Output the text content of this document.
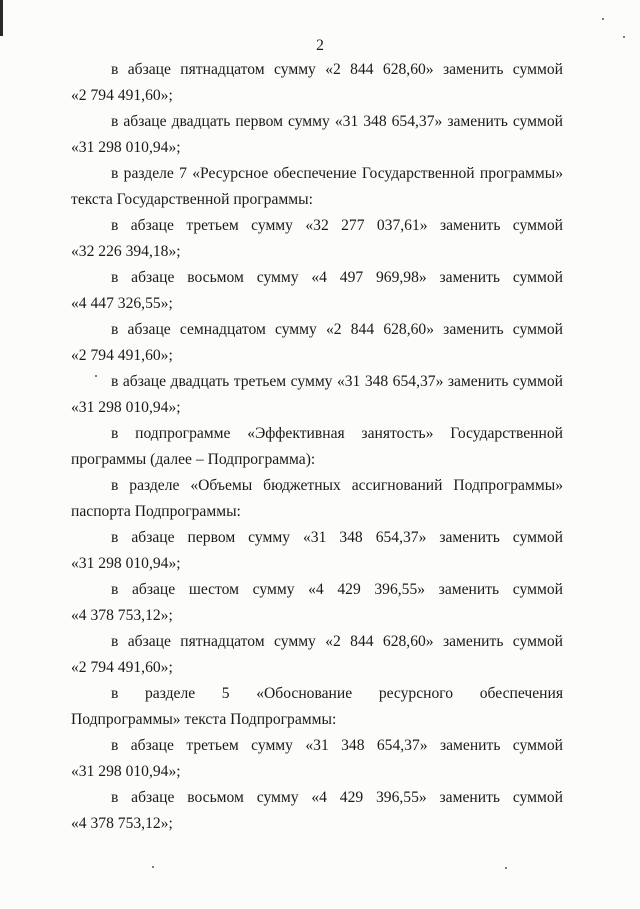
2
в абзаце пятнадцатом сумму «2 844 628,60» заменить суммой
«2 794 491,60»;
в абзаце двадцать первом сумму «31 348 654,37» заменить суммой
«31 298 010,94»;
в разделе 7 «Ресурсное обеспечение Государственной программы»
текста Государственной программы:
в абзаце третьем сумму «32 277 037,61» заменить суммой
«32 226 394,18»;
в абзаце восьмом сумму «4 497 969,98» заменить суммой
«4 447 326,55»;
в абзаце семнадцатом сумму «2 844 628,60» заменить суммой
«2 794 491,60»;
в абзаце двадцать третьем сумму «31 348 654,37» заменить суммой
«31 298 010,94»;
в подпрограмме «Эффективная занятость» Государственной
программы (далее – Подпрограмма):
в разделе «Объемы бюджетных ассигнований Подпрограммы»
паспорта Подпрограммы:
в абзаце первом сумму «31 348 654,37» заменить суммой
«31 298 010,94»;
в абзаце шестом сумму «4 429 396,55» заменить суммой
«4 378 753,12»;
в абзаце пятнадцатом сумму «2 844 628,60» заменить суммой
«2 794 491,60»;
в разделе 5 «Обоснование ресурсного обеспечения
Подпрограммы» текста Подпрограммы:
в абзаце третьем сумму «31 348 654,37» заменить суммой
«31 298 010,94»;
в абзаце восьмом сумму «4 429 396,55» заменить суммой
«4 378 753,12»;
